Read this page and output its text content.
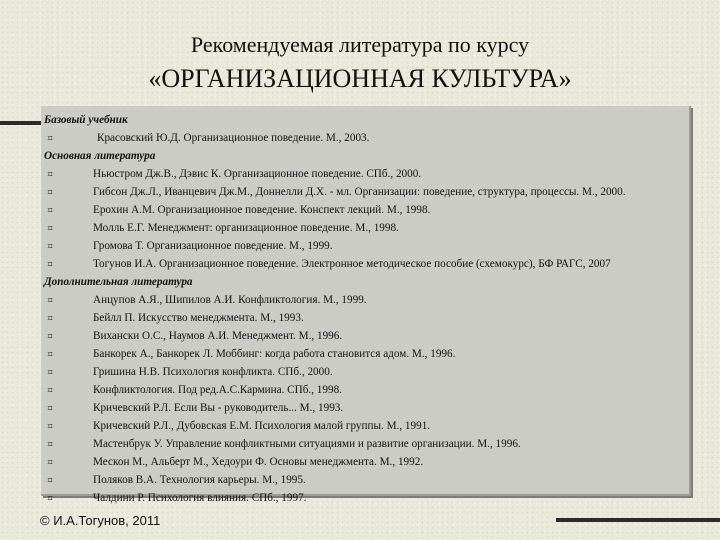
Рекомендуемая литература по курсу
«ОРГАНИЗАЦИОННАЯ КУЛЬТУРА»
Базовый учебник
⌗	Красовский Ю.Д. Организационное поведение. М., 2003.
Основная литература
⌗	Ньюстром Дж.В., Дэвис К. Организационное поведение. СПб., 2000.
⌗	Гибсон Дж.Л., Иванцевич Дж.М., Доннелли Д.Х. - мл. Организации: поведение, структура, процессы. М., 2000.
⌗	Ерохин А.М. Организационное поведение. Конспект лекций. М., 1998.
⌗	Молль Е.Г. Менеджмент: организационное поведение. М., 1998.
⌗	Громова Т. Организационное поведение. М., 1999.
⌗	Тогунов И.А. Организационное поведение. Электронное методическое пособие (схемокурс), БФ РАГС, 2007
Дополнительная литература
⌗	Анцупов А.Я., Шипилов А.И. Конфликтология. М., 1999.
⌗	Бейлл П. Искусство менеджмента. М., 1993.
⌗	Вихански О.С., Наумов А.И. Менеджмент. М., 1996.
⌗	Банкорек А., Банкорек Л. Моббинг: когда работа становится адом. М., 1996.
⌗	Гришина Н.В. Психология конфликта. СПб., 2000.
⌗	Конфликтология. Под ред.А.С.Кармина. СПб., 1998.
⌗	Кричевский Р.Л. Если Вы - руководитель... М., 1993.
⌗	Кричевский Р.Л., Дубовская Е.М. Психология малой группы. М., 1991.
⌗	Мастенбрук У. Управление конфликтными ситуациями и развитие организации. М., 1996.
⌗	Мескон М., Альберт М., Хедоури Ф. Основы менеджмента. М., 1992.
⌗	Поляков В.А. Технология карьеры. М., 1995.
⌗	Чалдини Р. Психология влияния. СПб., 1997.
© И.А.Тогунов, 2011
